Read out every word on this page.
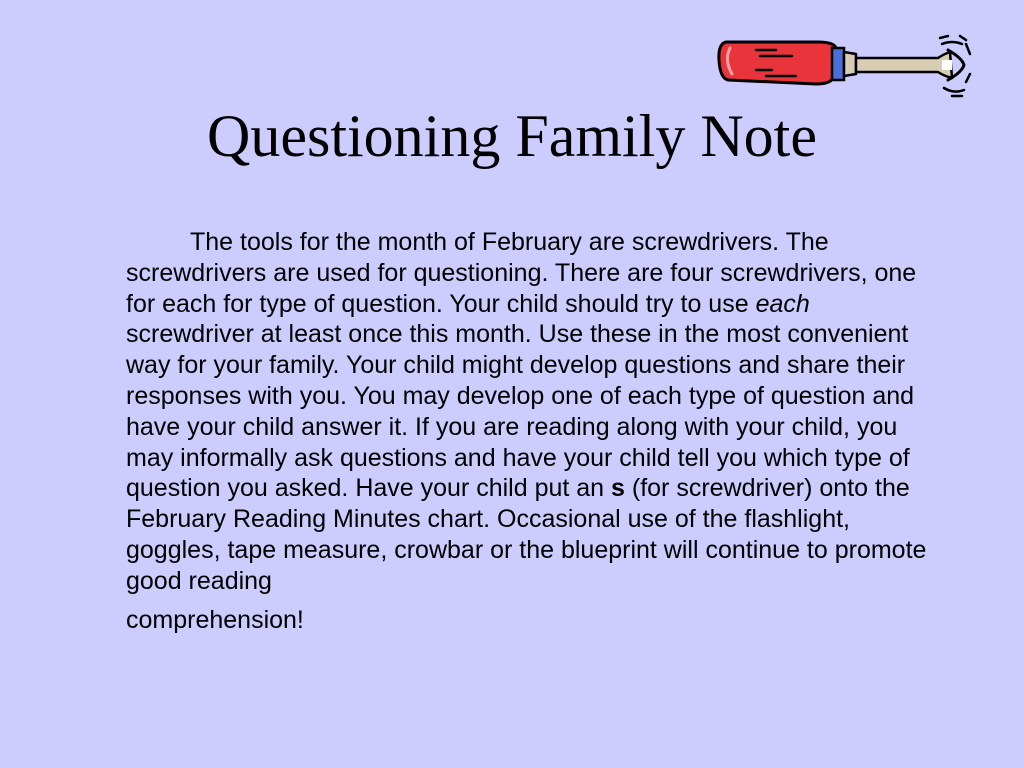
Questioning Family Note

The tools for the month of February are screwdrivers. The screwdrivers are used for questioning. There are four screwdrivers, one for each for type of question. Your child should try to use each screwdriver at least once this month. Use these in the most convenient way for your family. Your child might develop questions and share their responses with you. You may develop one of each type of question and have your child answer it. If you are reading along with your child, you may informally ask questions and have your child tell you which type of question you asked. Have your child put an s (for screwdriver) onto the February Reading Minutes chart. Occasional use of the flashlight, goggles, tape measure, crowbar or the blueprint will continue to promote good reading
comprehension!
